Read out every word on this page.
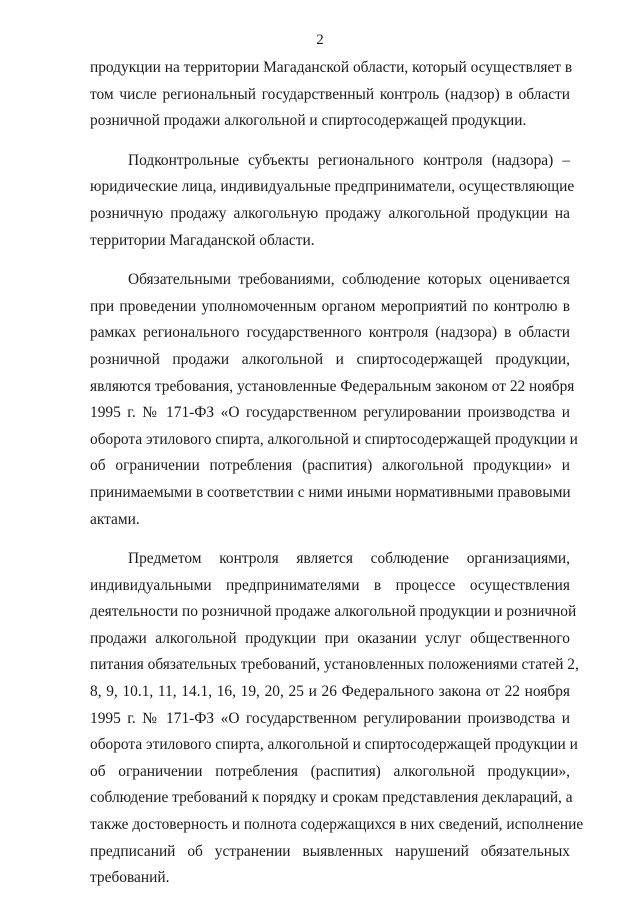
2
продукции на территории Магаданской области, который осуществляет в
том числе региональный государственный контроль (надзор) в области
розничной продажи алкогольной и спиртосодержащей продукции.
Подконтрольные субъекты регионального контроля (надзора) –
юридические лица, индивидуальные предприниматели, осуществляющие
розничную продажу алкогольную продажу алкогольной продукции на
территории Магаданской области.
Обязательными требованиями, соблюдение которых оценивается
при проведении уполномоченным органом мероприятий по контролю в
рамках регионального государственного контроля (надзора) в области
розничной продажи алкогольной и спиртосодержащей продукции,
являются требования, установленные Федеральным законом от 22 ноября
1995 г. № 171-ФЗ «О государственном регулировании производства и
оборота этилового спирта, алкогольной и спиртосодержащей продукции и
об ограничении потребления (распития) алкогольной продукции» и
принимаемыми в соответствии с ними иными нормативными правовыми
актами.
Предметом контроля является соблюдение организациями,
индивидуальными предпринимателями в процессе осуществления
деятельности по розничной продаже алкогольной продукции и розничной
продажи алкогольной продукции при оказании услуг общественного
питания обязательных требований, установленных положениями статей 2,
8, 9, 10.1, 11, 14.1, 16, 19, 20, 25 и 26 Федерального закона от 22 ноября
1995 г. № 171-ФЗ «О государственном регулировании производства и
оборота этилового спирта, алкогольной и спиртосодержащей продукции и
об ограничении потребления (распития) алкогольной продукции»,
соблюдение требований к порядку и срокам представления деклараций, а
также достоверность и полнота содержащихся в них сведений, исполнение
предписаний об устранении выявленных нарушений обязательных
требований.
